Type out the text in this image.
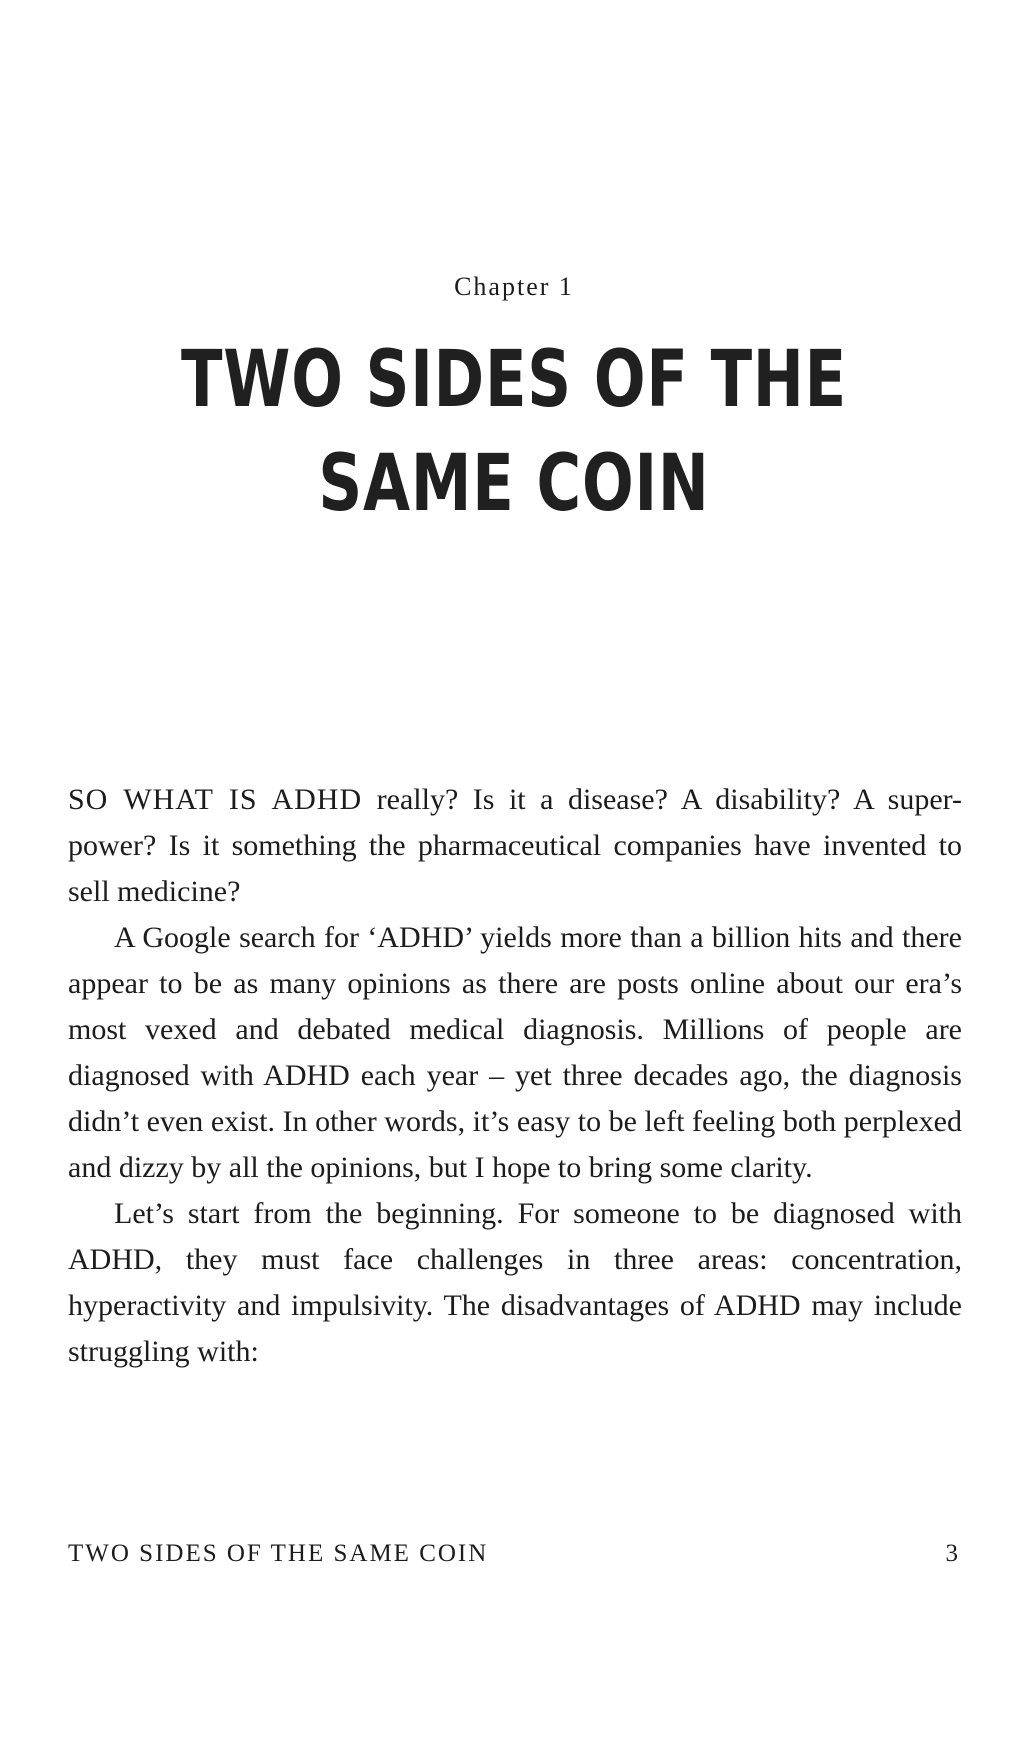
Chapter 1
TWO SIDES OF THE
SAME COIN

SO WHAT IS ADHD really? Is it a disease? A disability? A super-power? Is it something the pharmaceutical companies have invented to sell medicine?

A Google search for ‘ADHD’ yields more than a billion hits and there appear to be as many opinions as there are posts online about our era’s most vexed and debated medical diagnosis. Millions of people are diagnosed with ADHD each year – yet three decades ago, the diagnosis didn’t even exist. In other words, it’s easy to be left feeling both perplexed and dizzy by all the opinions, but I hope to bring some clarity.

Let’s start from the beginning. For someone to be diagnosed with ADHD, they must face challenges in three areas: concentration, hyperactivity and impulsivity. The disadvantages of ADHD may include struggling with:

TWO SIDES OF THE SAME COIN	3
